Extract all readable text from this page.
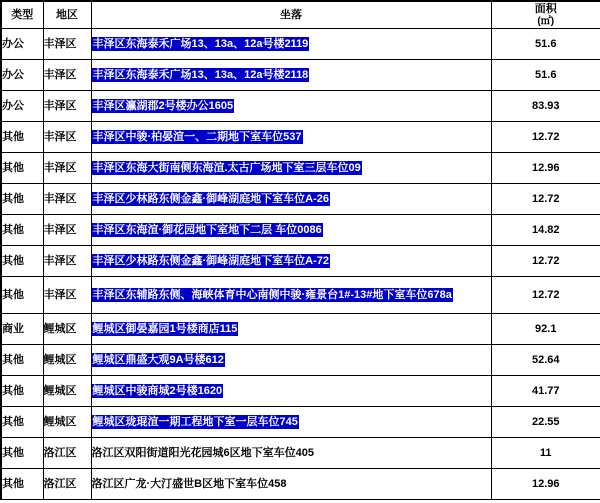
类型	地区	坐落	面积
(㎡)

办公	丰泽区	丰泽区东海泰禾广场13、13a、12a号楼2119	51.6
办公	丰泽区	丰泽区东海泰禾广场13、13a、12a号楼2118	51.6
办公	丰泽区	丰泽区瀛湖郡2号楼办公1605	83.93
其他	丰泽区	丰泽区中骏·柏晏渲一、二期地下室车位537	12.72
其他	丰泽区	丰泽区东海大街南侧东海渲.太古广场地下室三层车位09	12.96
其他	丰泽区	丰泽区少林路东侧金鑫·御峰湖庭地下室车位A-26	12.72
其他	丰泽区	丰泽区东海渲·御花园地下室地下二层 车位0086	14.82
其他	丰泽区	丰泽区少林路东侧金鑫·御峰湖庭地下室车位A-72	12.72
其他	丰泽区	丰泽区东辅路东侧、海峡体育中心南侧中骏·雍景台1#-13#地下室车位678a	12.72
商业	鲤城区	鲤城区御晏嘉园1号楼商店115	92.1
其他	鲤城区	鲤城区鼎盛大观9A号楼612	52.64
其他	鲤城区	鲤城区中骏商城2号楼1620	41.77
其他	鲤城区	鲤城区珑琨渲一期工程地下室一层车位745	22.55
其他	洛江区	洛江区双阳街道阳光花园城6区地下室车位405	11
其他	洛江区	洛江区广龙·大汀盛世B区地下室车位458	12.96
